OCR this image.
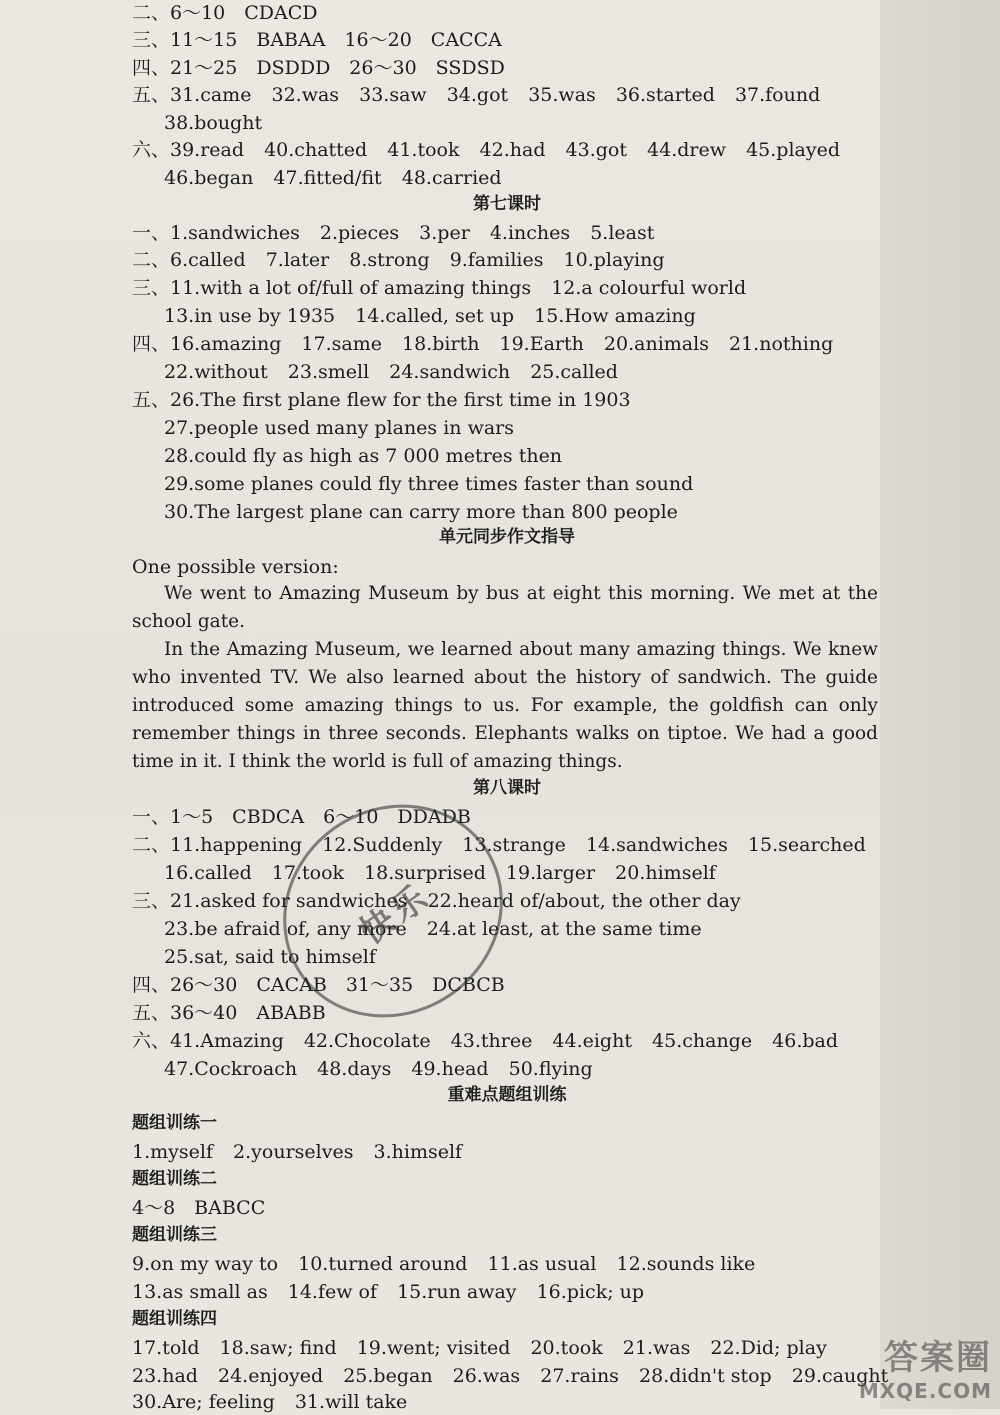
二、6～10　CDACD
三、11～15　BABAA　16～20　CACCA
四、21～25　DSDDD　26～30　SSDSD
五、31.came 32.was 33.saw 34.got 35.was 36.started 37.found
38.bought
六、39.read 40.chatted 41.took 42.had 43.got 44.drew 45.played
46.began 47.fitted/fit 48.carried
第七课时
一、1.sandwiches 2.pieces 3.per 4.inches 5.least
二、6.called 7.later 8.strong 9.families 10.playing
三、11.with a lot of/full of amazing things 12.a colourful world
13.in use by 1935 14.called, set up 15.How amazing
四、16.amazing 17.same 18.birth 19.Earth 20.animals 21.nothing
22.without 23.smell 24.sandwich 25.called
五、26.The first plane flew for the first time in 1903
27.people used many planes in wars
28.could fly as high as 7 000 metres then
29.some planes could fly three times faster than sound
30.The largest plane can carry more than 800 people
单元同步作文指导
One possible version:
We went to Amazing Museum by bus at eight this morning. We met at the school gate.
In the Amazing Museum, we learned about many amazing things. We knew who invented TV. We also learned about the history of sandwich. The guide introduced some amazing things to us. For example, the goldfish can only remember things in three seconds. Elephants walks on tiptoe. We had a good time in it. I think the world is full of amazing things.
第八课时
一、1～5　CBDCA　6～10　DDADB
二、11.happening 12.Suddenly 13.strange 14.sandwiches 15.searched
16.called 17.took 18.surprised 19.larger 20.himself
三、21.asked for sandwiches 22.heard of/about, the other day
23.be afraid of, any more 24.at least, at the same time
25.sat, said to himself
四、26～30　CACAB　31～35　DCBCB
五、36～40　ABABB
六、41.Amazing 42.Chocolate 43.three 44.eight 45.change 46.bad
47.Cockroach 48.days 49.head 50.flying
重难点题组训练
题组训练一
1.myself 2.yourselves 3.himself
题组训练二
4～8　BABCC
题组训练三
9.on my way to 10.turned around 11.as usual 12.sounds like
13.as small as 14.few of 15.run away 16.pick; up
题组训练四
17.told 18.saw; find 19.went; visited 20.took 21.was 22.Did; play
23.had 24.enjoyed 25.began 26.was 27.rains 28.didn't stop 29.caught
30.Are; feeling 31.will take
快乐
答案圈
MXQE.COM
